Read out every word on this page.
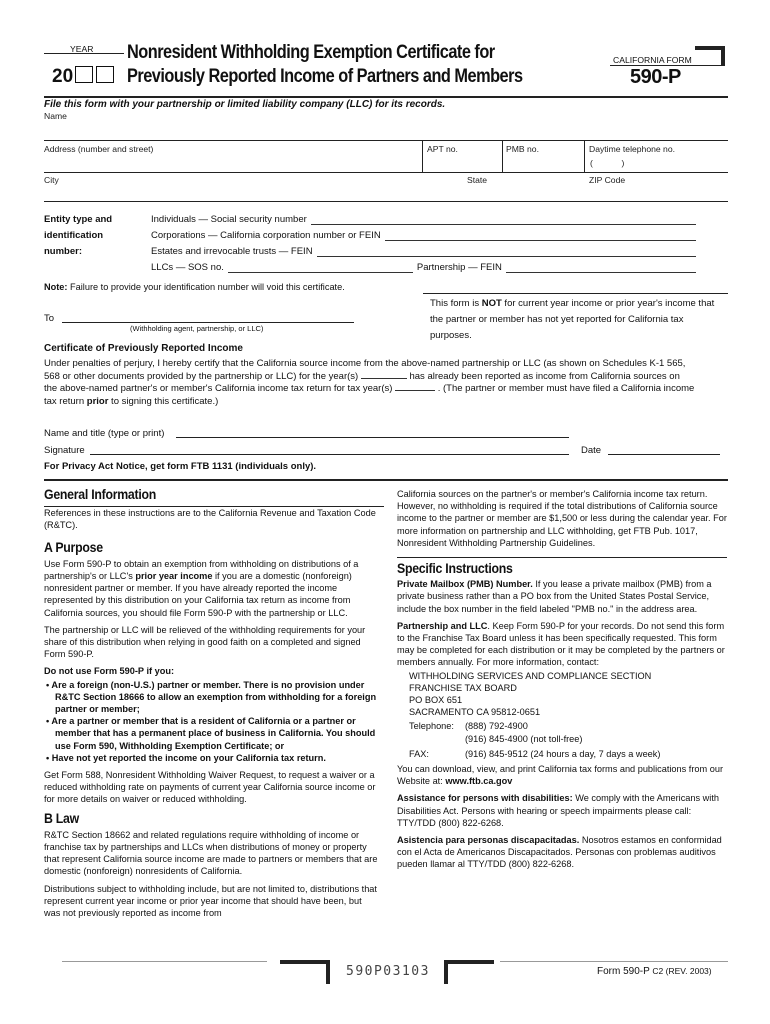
YEAR
20
Nonresident Withholding Exemption Certificate for
Previously Reported Income of Partners and Members
CALIFORNIA FORM
590-P
File this form with your partnership or limited liability company (LLC) for its records.
Name
Address (number and street)	APT no.	PMB no.	Daytime telephone no.
(            )
City	State	ZIP Code
Entity type and
identification
number:
Individuals — Social security number
Corporations — California corporation number or FEIN
Estates and irrevocable trusts — FEIN
LLCs — SOS no.	Partnership — FEIN
Note: Failure to provide your identification number will void this certificate.
This form is NOT for current year income or prior year's income that the partner or member has not yet reported for California tax purposes.
To
(Withholding agent, partnership, or LLC)
Certificate of Previously Reported Income
Under penalties of perjury, I hereby certify that the California source income from the above-named partnership or LLC (as shown on Schedules K-1 565,
568 or other documents provided by the partnership or LLC) for the year(s)	has already been reported as income from California sources on
the above-named partner's or member's California income tax return for tax year(s)	. (The partner or member must have filed a California income
tax return prior to signing this certificate.)
Name and title (type or print)
Signature	Date
For Privacy Act Notice, get form FTB 1131 (individuals only).
General Information

References in these instructions are to the California Revenue and Taxation Code (R&TC).

A Purpose

Use Form 590-P to obtain an exemption from withholding on distributions of a partnership's or LLC's prior year income if you are a domestic (nonforeign) nonresident partner or member. If you have already reported the income represented by this distribution on your California tax return as income from California sources, you should file Form 590-P with the partnership or LLC.

The partnership or LLC will be relieved of the withholding requirements for your share of this distribution when relying in good faith on a completed and signed Form 590-P.

Do not use Form 590-P if you:

• Are a foreign (non-U.S.) partner or member. There is no provision under R&TC Section 18666 to allow an exemption from withholding for a foreign partner or member;
• Are a partner or member that is a resident of California or a partner or member that has a permanent place of business in California. You should use Form 590, Withholding Exemption Certificate; or
• Have not yet reported the income on your California tax return.

Get Form 588, Nonresident Withholding Waiver Request, to request a waiver or a reduced withholding rate on payments of current year California source income or for more details on waiver or reduced withholding.

B Law

R&TC Section 18662 and related regulations require withholding of income or franchise tax by partnerships and LLCs when distributions of money or property that represent California source income are made to partners or members that are domestic (nonforeign) nonresidents of California.

Distributions subject to withholding include, but are not limited to, distributions that represent current year income or prior year income that should have been, but was not previously reported as income from

California sources on the partner's or member's California income tax return. However, no withholding is required if the total distributions of California source income to the partner or member are $1,500 or less during the calendar year. For more information on partnership and LLC withholding, get FTB Pub. 1017, Nonresident Withholding Partnership Guidelines.

Specific Instructions

Private Mailbox (PMB) Number. If you lease a private mailbox (PMB) from a private business rather than a PO box from the United States Postal Service, include the box number in the field labeled "PMB no." in the address area.

Partnership and LLC. Keep Form 590-P for your records. Do not send this form to the Franchise Tax Board unless it has been specifically requested. This form may be completed for each distribution or it may be completed by the partners or members annually. For more information, contact:

WITHHOLDING SERVICES AND COMPLIANCE SECTION
FRANCHISE TAX BOARD
PO BOX 651
SACRAMENTO CA 95812-0651
Telephone:	(888) 792-4900
(916) 845-4900 (not toll-free)
FAX:	(916) 845-9512 (24 hours a day, 7 days a week)

You can download, view, and print California tax forms and publications from our Website at: www.ftb.ca.gov

Assistance for persons with disabilities: We comply with the Americans with Disabilities Act. Persons with hearing or speech impairments please call: TTY/TDD (800) 822-6268.

Asistencia para personas discapacitadas. Nosotros estamos en conformidad con el Acta de Americanos Discapacitados. Personas con problemas auditivos pueden llamar al TTY/TDD (800) 822-6268.

590P03103	Form 590-P C2 (REV. 2003)
